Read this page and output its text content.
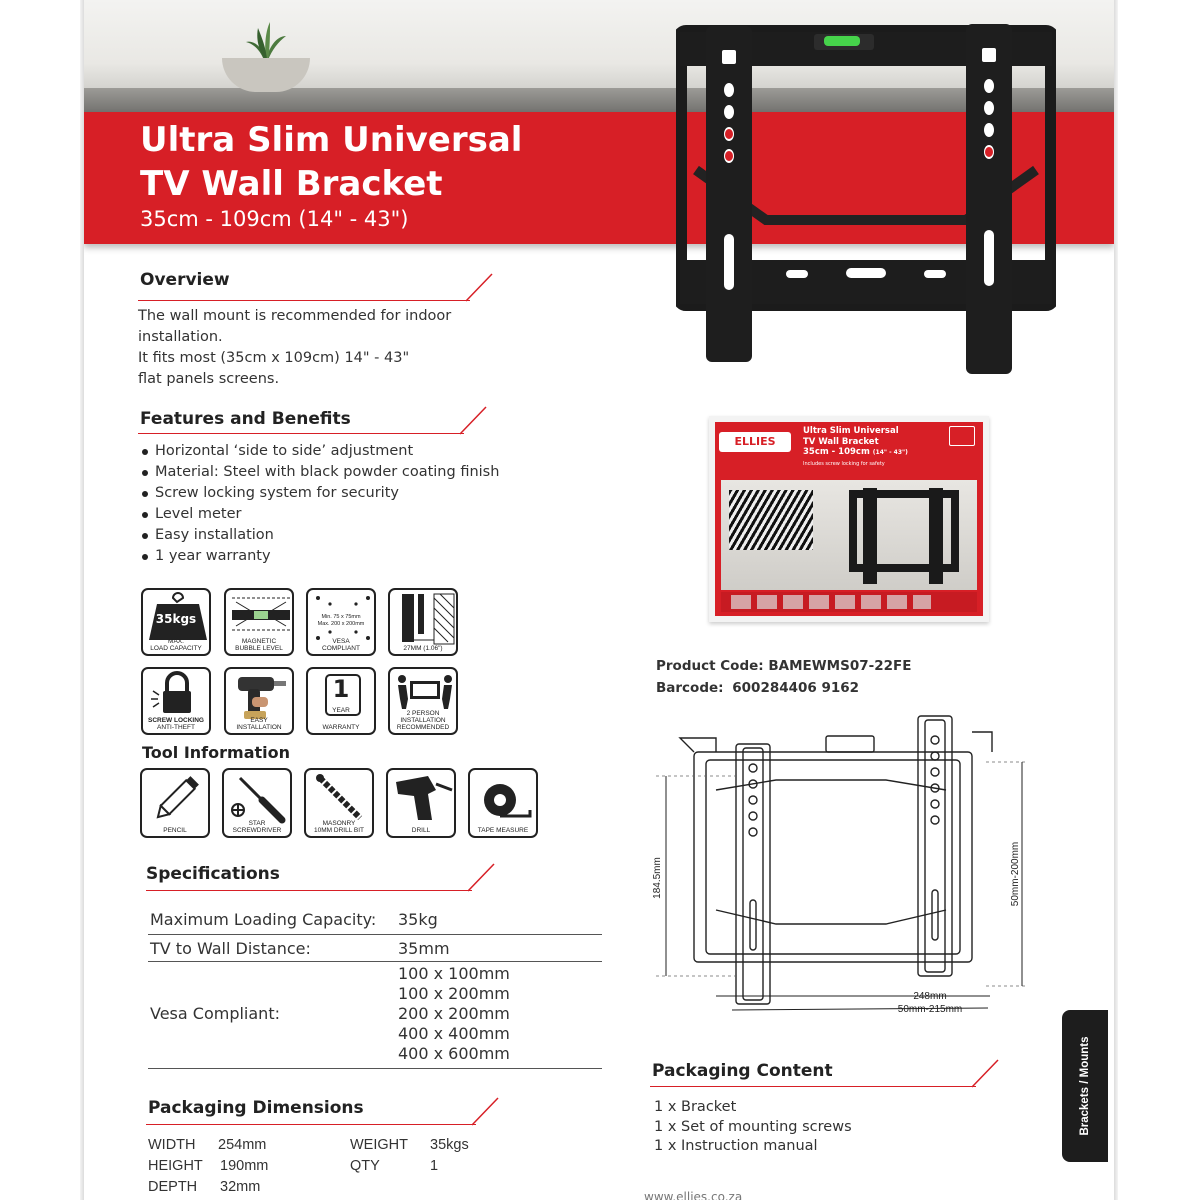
Ultra Slim Universal
TV Wall Bracket
35cm - 109cm (14" - 43")
Overview
The wall mount is recommended for indoor
installation.
It fits most (35cm x 109cm) 14" - 43"
flat panels screens.
Features and Benefits
Horizontal ‘side to side’ adjustment
Material: Steel with black powder coating finish
Screw locking system for security
Level meter
Easy installation
1 year warranty
35kgs
MAX.
LOAD CAPACITY
MAGNETIC
BUBBLE LEVEL
Min. 75 x 75mm
Max. 200 x 200mm
VESA
COMPLIANT	27MM (1.06")
SCREW LOCKING
ANTI-THEFT
EASY
INSTALLATION
1
YEAR
WARRANTY
2 PERSON
INSTALLATION
RECOMMENDED
Tool Information
PENCIL
STAR
SCREWDRIVER
MASONRY
10MM DRILL BIT	DRILL	TAPE MEASURE
Specifications
Maximum Loading Capacity: 35kg
TV to Wall Distance:	35mm
Vesa Compliant:
100 x 100mm
100 x 200mm
200 x 200mm
400 x 400mm
400 x 600mm
Packaging Dimensions
WIDTH	254mm	WEIGHT	35kgs
HEIGHT	190mm	QTY	1
DEPTH	32mm
ELLIES
Ultra Slim Universal
TV Wall Bracket
35cm - 109cm (14" - 43")
Includes screw locking for safety
Product Code: BAMEWMS07-22FE
Barcode: 600284406 9162
184.5mm	50mm-200mm
248mm
50mm-215mm
Packaging Content
1 x Bracket
1 x Set of mounting screws
1 x Instruction manual
Brackets / Mounts
www.ellies.co.za
